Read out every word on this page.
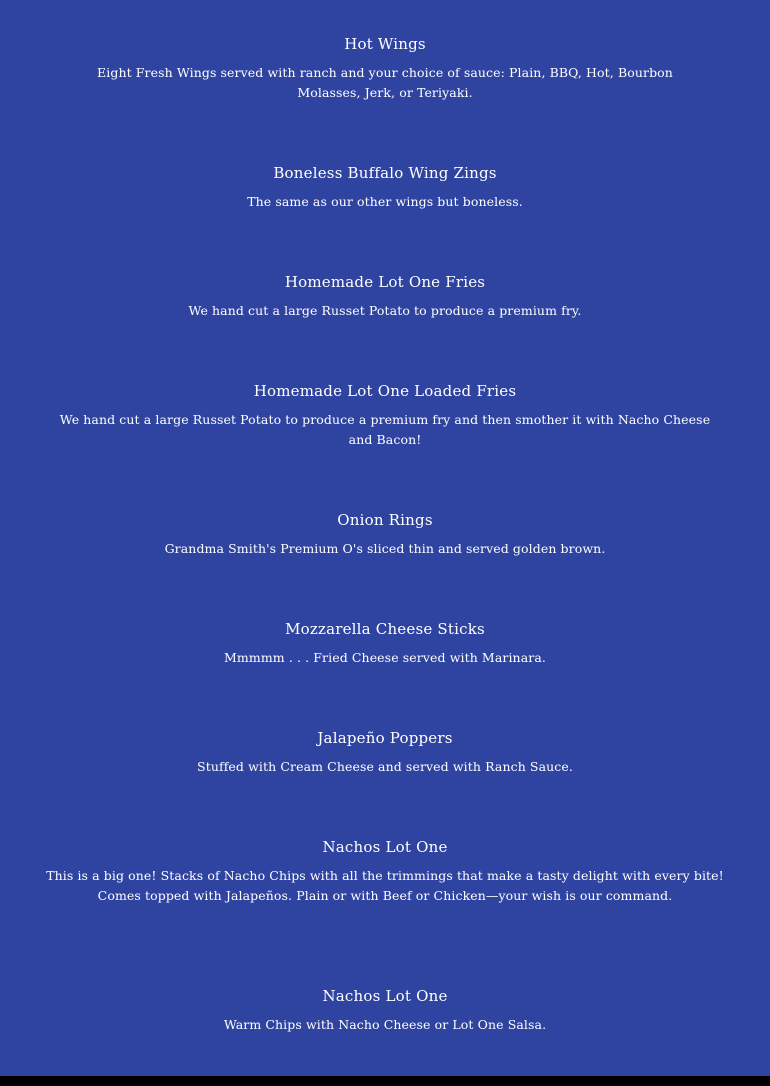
Hot Wings

Eight Fresh Wings served with ranch and your choice of sauce: Plain, BBQ, Hot, Bourbon Molasses, Jerk, or Teriyaki.

Boneless Buffalo Wing Zings

The same as our other wings but boneless.

Homemade Lot One Fries

We hand cut a large Russet Potato to produce a premium fry.

Homemade Lot One Loaded Fries

We hand cut a large Russet Potato to produce a premium fry and then smother it with Nacho Cheese and Bacon!

Onion Rings

Grandma Smith's Premium O's sliced thin and served golden brown.

Mozzarella Cheese Sticks

Mmmmm . . . Fried Cheese served with Marinara.

Jalapeño Poppers

Stuffed with Cream Cheese and served with Ranch Sauce.

Nachos Lot One

This is a big one! Stacks of Nacho Chips with all the trimmings that make a tasty delight with every bite! Comes topped with Jalapeños. Plain or with Beef or Chicken—your wish is our command.

Nachos Lot One

Warm Chips with Nacho Cheese or Lot One Salsa.
